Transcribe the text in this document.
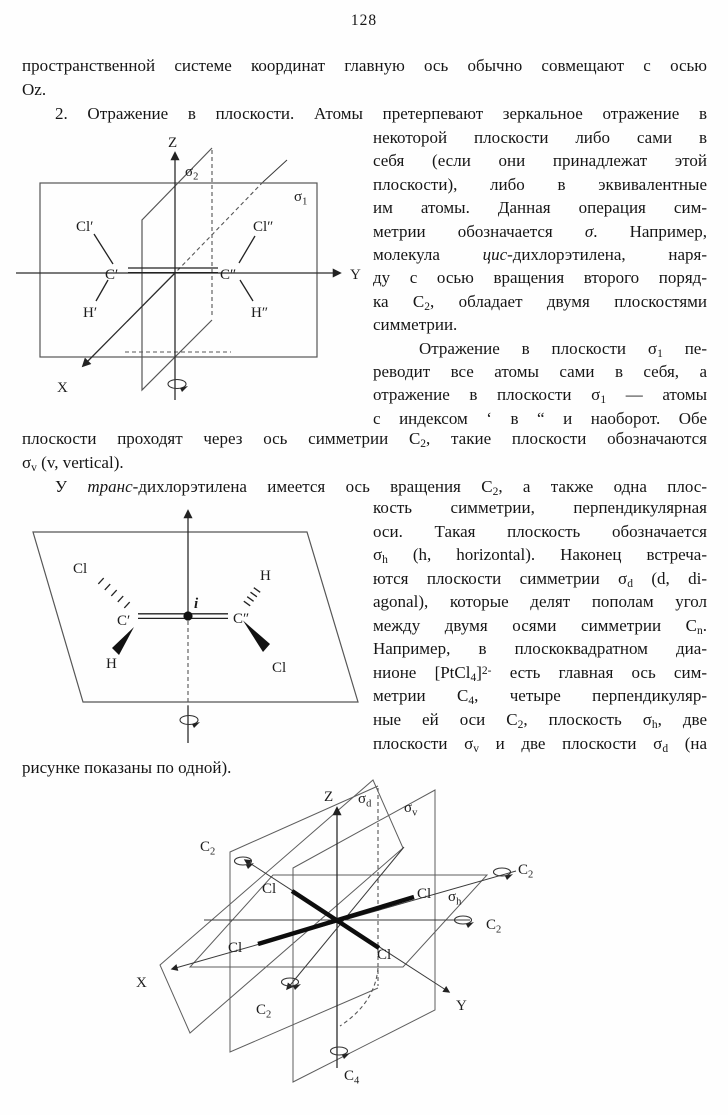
128
пространственной системе координат главную ось обычно совмещают с осью
Oz.
2. Отражение в плоскости. Атомы претерпевают зеркальное отражение в
некоторой плоскости либо сами в
себя (если они принадлежат этой
плоскости), либо в эквивалентные
им атомы. Данная операция сим-
метрии обозначается σ. Например,
молекула цис-дихлорэтилена, наря-
ду с осью вращения второго поряд-
ка $C_2$, обладает двумя плоскостями
симметрии.
Отражение в плоскости $\sigma_1$ пе-
реводит все атомы сами в себя, а
отражение в плоскости $\sigma_1$ — атомы
с индексом ‘ в “ и наоборот. Обе
плоскости проходят через ось симметрии $C_2$, такие плоскости обозначаются
$\sigma_v$ (v, vertical).
У транс-дихлорэтилена имеется ось вращения $C_2$, а также одна плос-
кость симметрии, перпендикулярная
оси. Такая плоскость обозначается
$\sigma_h$ (h, horizontal). Наконец встреча-
ются плоскости симметрии $\sigma_d$ (d, di-
agonal), которые делят пополам угол
между двумя осями симметрии $C_n$.
Например, в плоскоквадратном диа-
нионе [PtCl$_4$]$^{2-}$ есть главная ось сим-
метрии $C_4$, четыре перпендикуляр-
ные ей оси $C_2$, плоскость $\sigma_h$, две
плоскости $\sigma_v$ и две плоскости $\sigma_d$ (на
рисунке показаны по одной).
Z
Y
X
$\sigma_1$
$\sigma_2$
Cl′
C′
H′
Cl″
C″
H″
Cl
H
H
Cl
C′	C″
i
Z
X
Y
$\sigma_d$ $\sigma_v$
$\sigma_h$
$C_2$
$C_2$
$C_2$
$C_2$
$C_4$
Cl	Cl
Cl	Cl
